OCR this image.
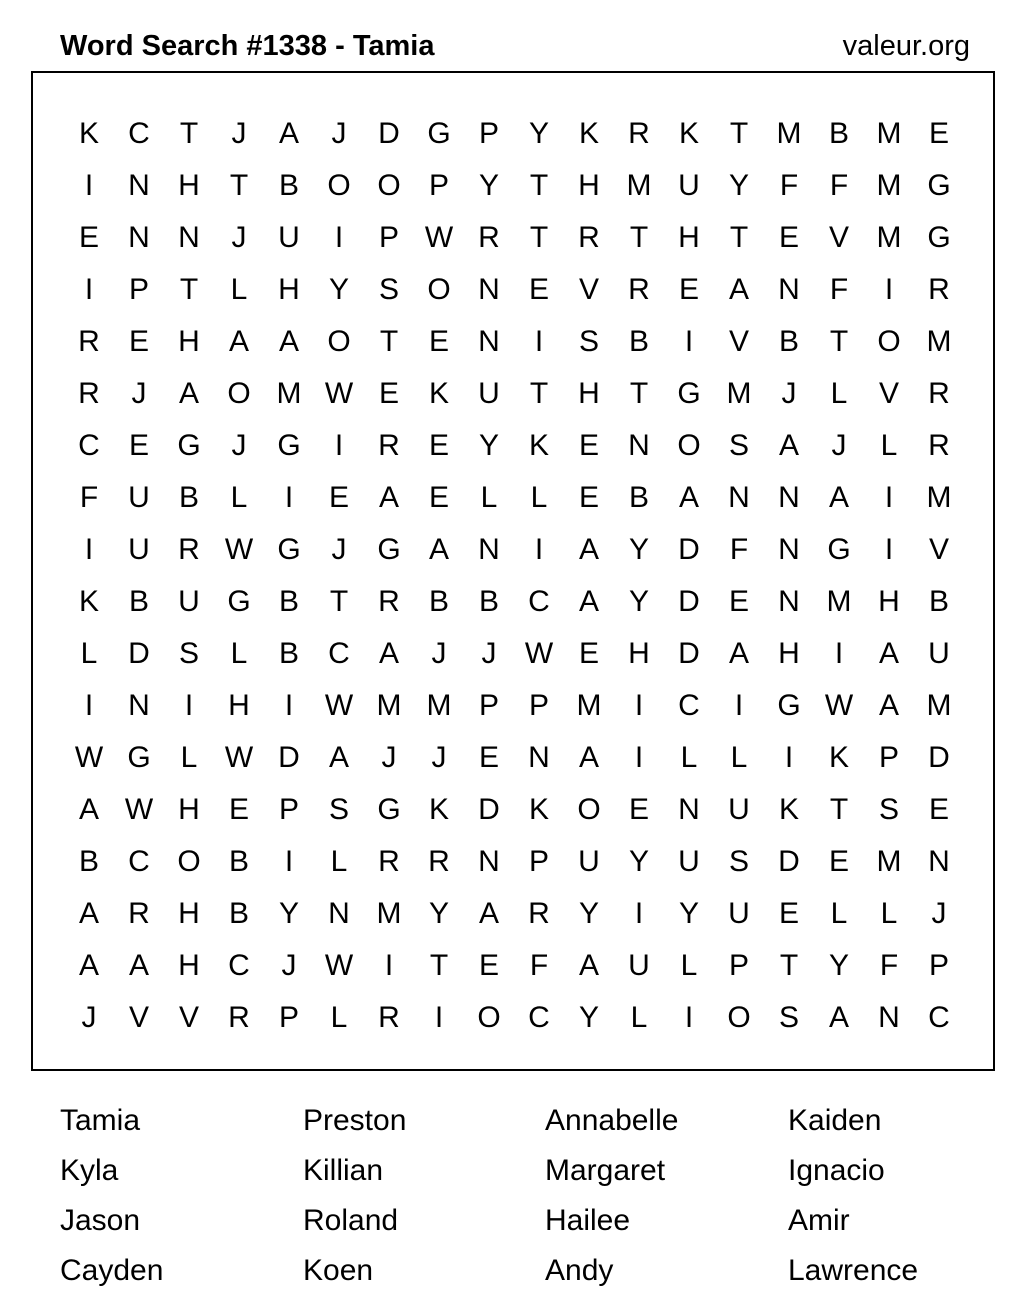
Word Search #1338 - Tamia	valeur.org
K C	T	J	A	J	D G P Y K R K	T M B M E
I	N H	T	B O O P Y	T	H M U Y	F	F M G
E N N	J	U	I	P W R	T	R	T	H	T	E V M G
I	P	T	L	H Y S O N E V R E A N	F	I	R
R E H A A O T	E N	I	S B	I	V B	T O M
R	J	A O M W E K U	T	H	T G M	J	L	V R
C E G	J	G	I	R E Y K E N O S A	J	L	R
F	U B	L	I	E A E	L	L	E B A N N A	I	M
I	U R W G	J	G A N	I	A Y D	F	N G	I	V
K B U G B	T	R B B C A Y D E N M H B
L	D S	L	B C A	J	J W E H D A H	I	A U
I	N	I	H	I	W M M P P M	I	C	I	G W A M
W G L W D A	J	J	E N A	I	L	L	I	K P D
A W H E P S G K D K O E N U K	T	S E
B C O B	I	L	R R N P U Y U S D E M N
A R H B Y N M Y A R Y	I	Y U E	L	L	J
A A H C	J W	I	T	E	F	A U	L	P	T	Y	F	P
J	V V R P	L	R	I	O C Y	L	I	O S A N C
Tamia	Preston	Annabelle	Kaiden
Kyla	Killian	Margaret	Ignacio
Jason	Roland	Hailee	Amir
Cayden	Koen	Andy	Lawrence
